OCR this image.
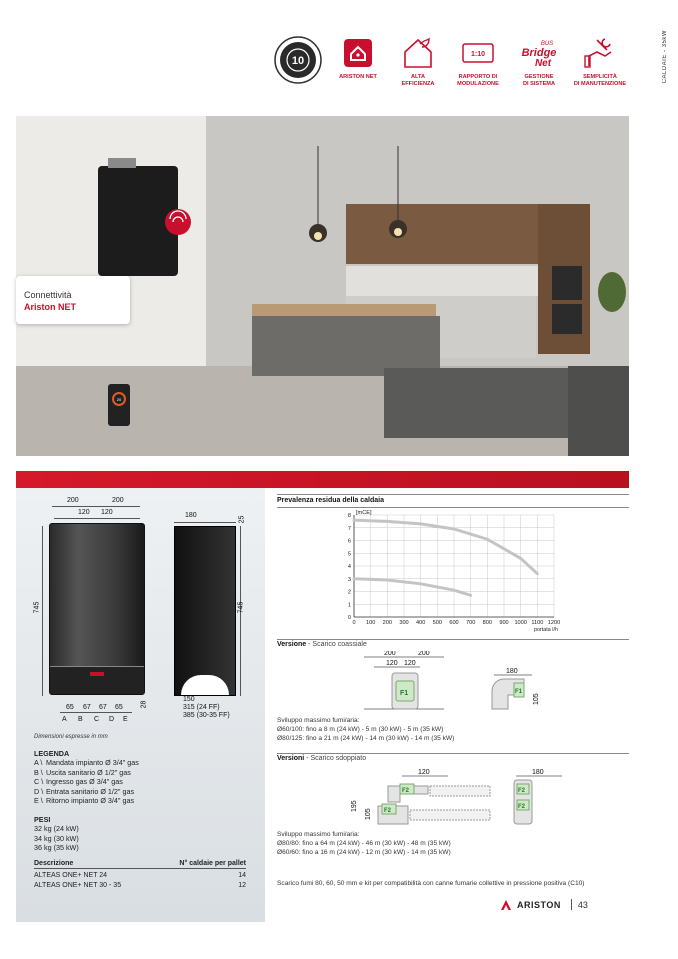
CALDAIE - 35kW
10
ARISTON NET	ALTA
EFFICIENZA
1:10
RAPPORTO DI
MODULAZIONE
BUS
Bridge
Net
GESTIONE
DI SISTEMA
SEMPLICITÀ
DI MANUTENZIONE
20
Connettività
Ariston NET
200	200
120 120
745
28
65 67 67 65
A B C D E
180
25
745
150
315 (24 FF)
385 (30-35 FF)
Dimensioni espresse in mm
LEGENDA
A \ Mandata impianto Ø 3/4" gas
B \ Uscita sanitario Ø 1/2" gas
C \ Ingresso gas Ø 3/4" gas
D \ Entrata sanitario Ø 1/2" gas
E \ Ritorno impianto Ø 3/4" gas
PESI
32 kg (24 kW)
34 kg (30 kW)
36 kg (35 kW)
Descrizione	N° caldaie per pallet
ALTEAS ONE+ NET 24	14
ALTEAS ONE+ NET 30 - 35	12
Prevalenza residua della caldaia
0 100 200 300 400 500 600 700 800 900 1000 1100 1200
0
1
2
3
4
5
6
7
8 [mCE]
portata l/h
Versione - Scarico coassiale
200	200
120 120
F1
180
F1
105
Sviluppo massimo fumi/aria:
Ø60/100: fino a 8 m (24 kW) - 5 m (30 kW) - 5 m (35 kW)
Ø80/125: fino a 21 m (24 kW) - 14 m (30 kW) - 14 m (35 kW)
Versioni - Scarico sdoppiato
120
195
105
F2
F2
180
F2
F2
Sviluppo massimo fumi/aria:
Ø80/80: fino a 64 m (24 kW) - 46 m (30 kW) - 48 m (35 kW)
Ø60/60: fino a 16 m (24 kW) - 12 m (30 kW) - 14 m (35 kW)
Scarico fumi 80, 60, 50 mm e kit per compatibilità con canne fumarie collettive in pressione positiva (C10)
ARISTON 43
